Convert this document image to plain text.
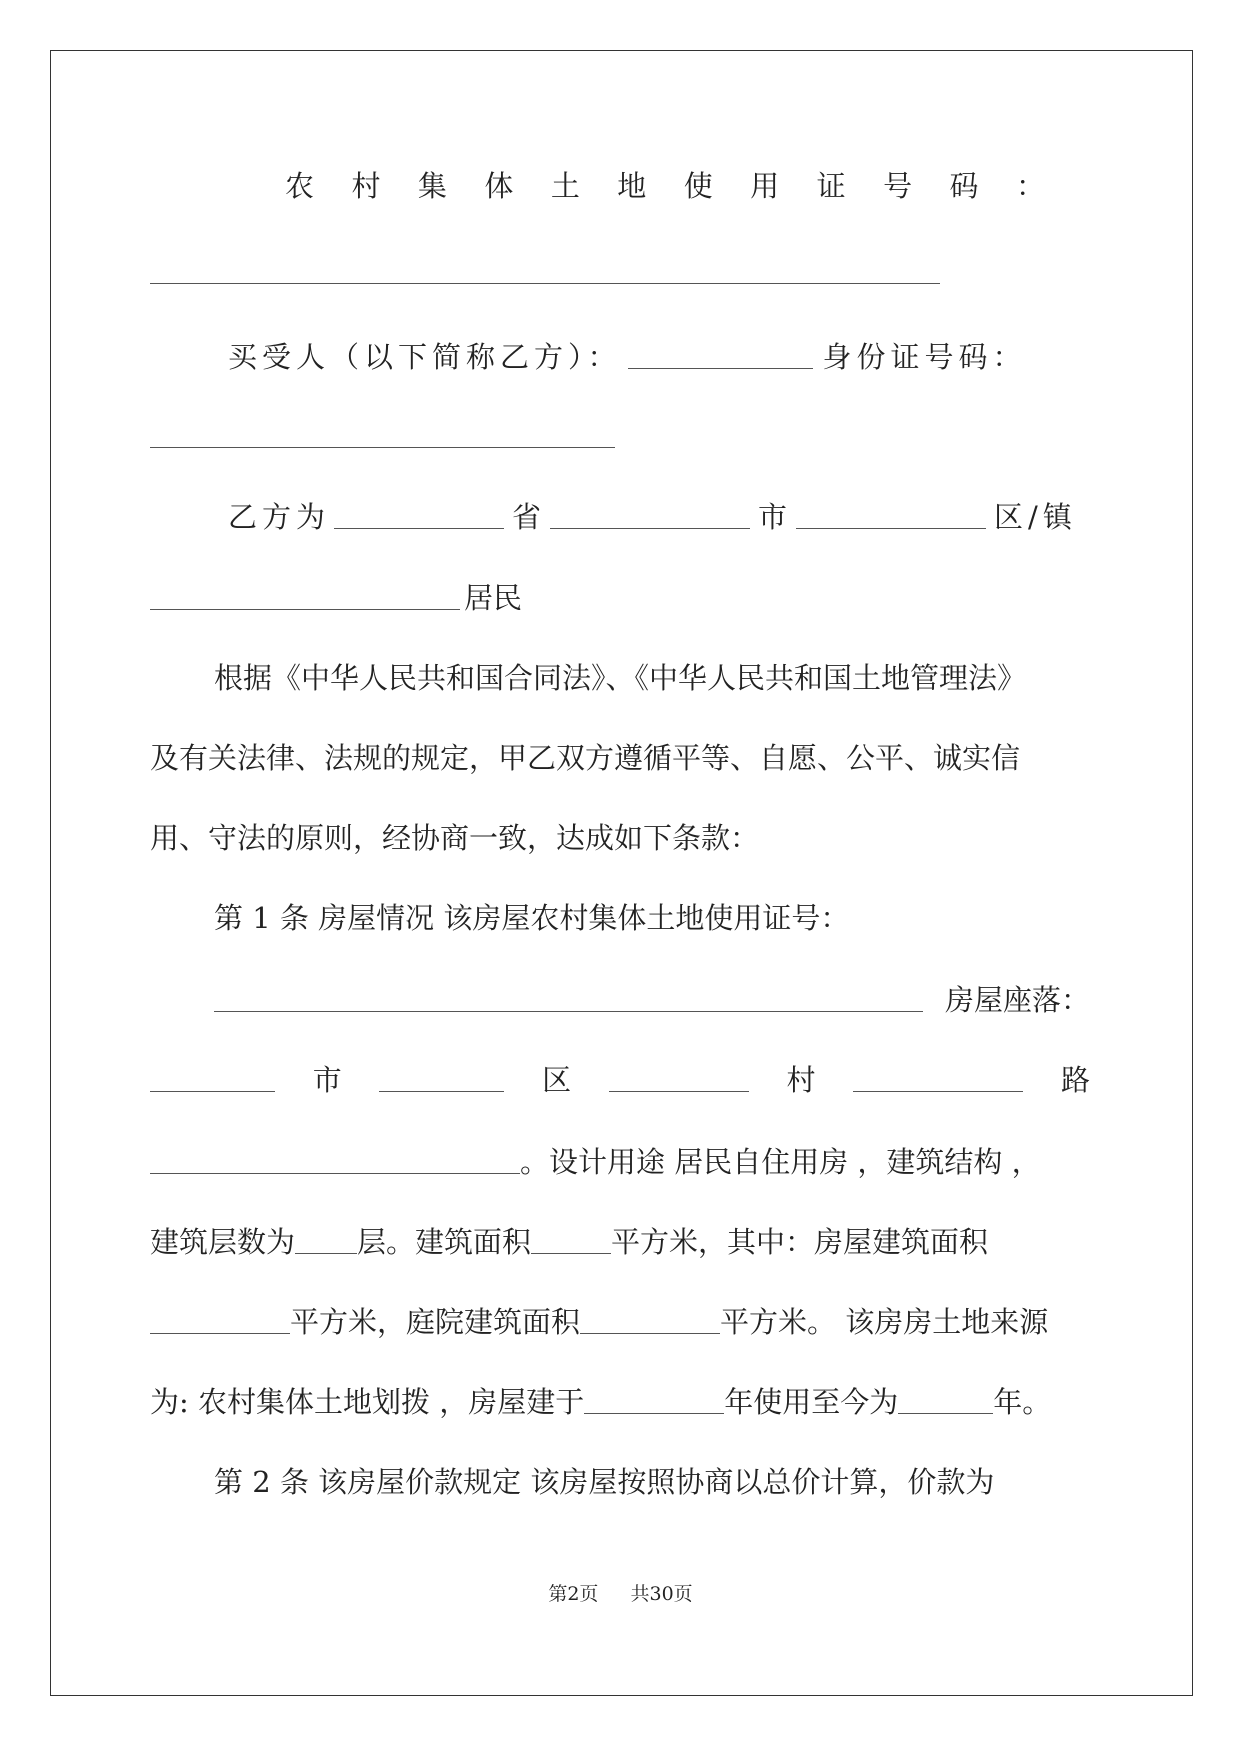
农 村 集 体 土 地 使 用 证 号 码 ：
买受人（以下简称乙方）：	身份证号码：
乙方为	省	市	区/镇
居民
根据《中华人民共和国合同法》、《中华人民共和国土地管理法》
及有关法律、法规的规定，甲乙双方遵循平等、自愿、公平、诚实信
用、守法的原则，经协商一致，达成如下条款：
第 1 条 房屋情况 该房屋农村集体土地使用证号：
房屋座落：
市	区	村	路
。设计用途 居民自住用房 ，建筑结构 ，
建筑层数为 层。建筑面积	平方米，其中：房屋建筑面积
平方米，庭院建筑面积	平方米。 该房房土地来源
为: 农村集体土地划拨 ，房屋建于	年使用至今为	年。
第 2 条 该房屋价款规定 该房屋按照协商以总价计算，价款为
第2页 共30页
